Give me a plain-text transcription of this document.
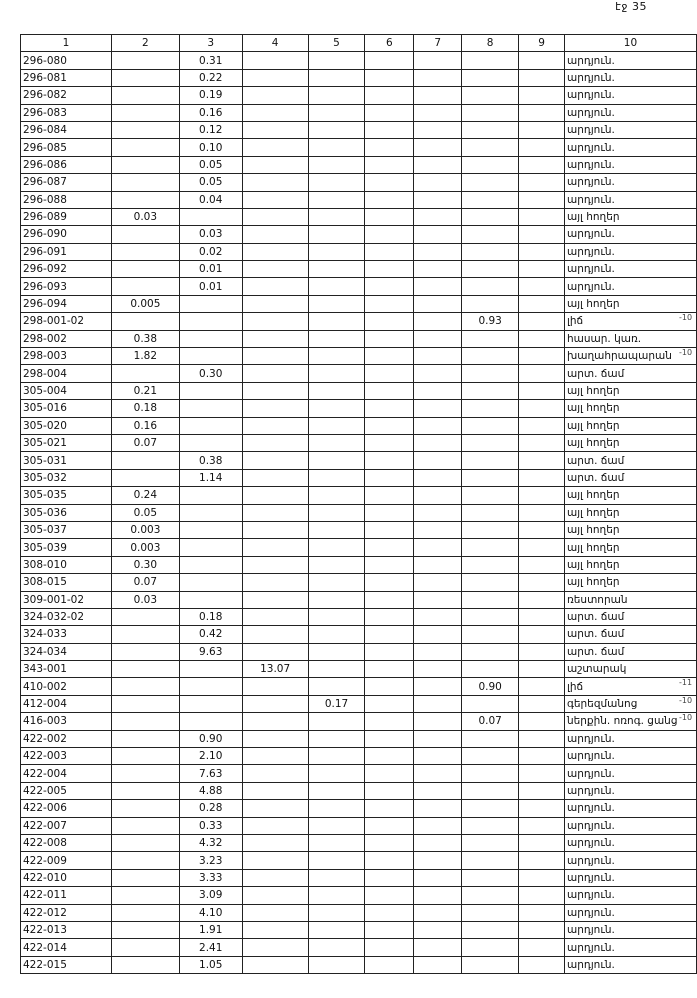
էջ 35
1	2	3	4	5	6	7	8	9	10
296-080		0.31							արդյուն.
296-081		0.22							արդյուն.
296-082		0.19							արդյուն.
296-083		0.16							արդյուն.
296-084		0.12							արդյուն.
296-085		0.10							արդյուն.
296-086		0.05							արդյուն.
296-087		0.05							արդյուն.
296-088		0.04							արդյուն.
296-089	0.03								այլ հողեր
296-090		0.03							արդյուն.
296-091		0.02							արդյուն.
296-092		0.01							արդյուն.
296-093		0.01							արդյուն.
296-094	0.005								այլ հողեր
298-001-02							0.93		լիճ
298-002	0.38								հասար. կառ.
298-003	1.82								խաղահրապարան
298-004		0.30							արտ. ճամ
305-004	0.21								այլ հողեր
305-016	0.18								այլ հողեր
305-020	0.16								այլ հողեր
305-021	0.07								այլ հողեր
305-031		0.38							արտ. ճամ
305-032		1.14							արտ. ճամ
305-035	0.24								այլ հողեր
305-036	0.05								այլ հողեր
305-037	0.003								այլ հողեր
305-039	0.003								այլ հողեր
308-010	0.30								այլ հողեր
308-015	0.07								այլ հողեր
309-001-02	0.03								ռեստորան
324-032-02		0.18							արտ. ճամ
324-033		0.42							արտ. ճամ
324-034		9.63							արտ. ճամ
343-001			13.07						աշտարակ
410-002							0.90		լիճ
412-004				0.17					գերեզմանոց
416-003							0.07		ներքին. ոռոգ. ցանց
422-002		0.90							արդյուն.
422-003		2.10							արդյուն.
422-004		7.63							արդյուն.
422-005		4.88							արդյուն.
422-006		0.28							արդյուն.
422-007		0.33							արդյուն.
422-008		4.32							արդյուն.
422-009		3.23							արդյուն.
422-010		3.33							արդյուն.
422-011		3.09							արդյուն.
422-012		4.10							արդյուն.
422-013		1.91							արդյուն.
422-014		2.41							արդյուն.
422-015		1.05							արդյուն.
-10
-10
-11
-10
-10
